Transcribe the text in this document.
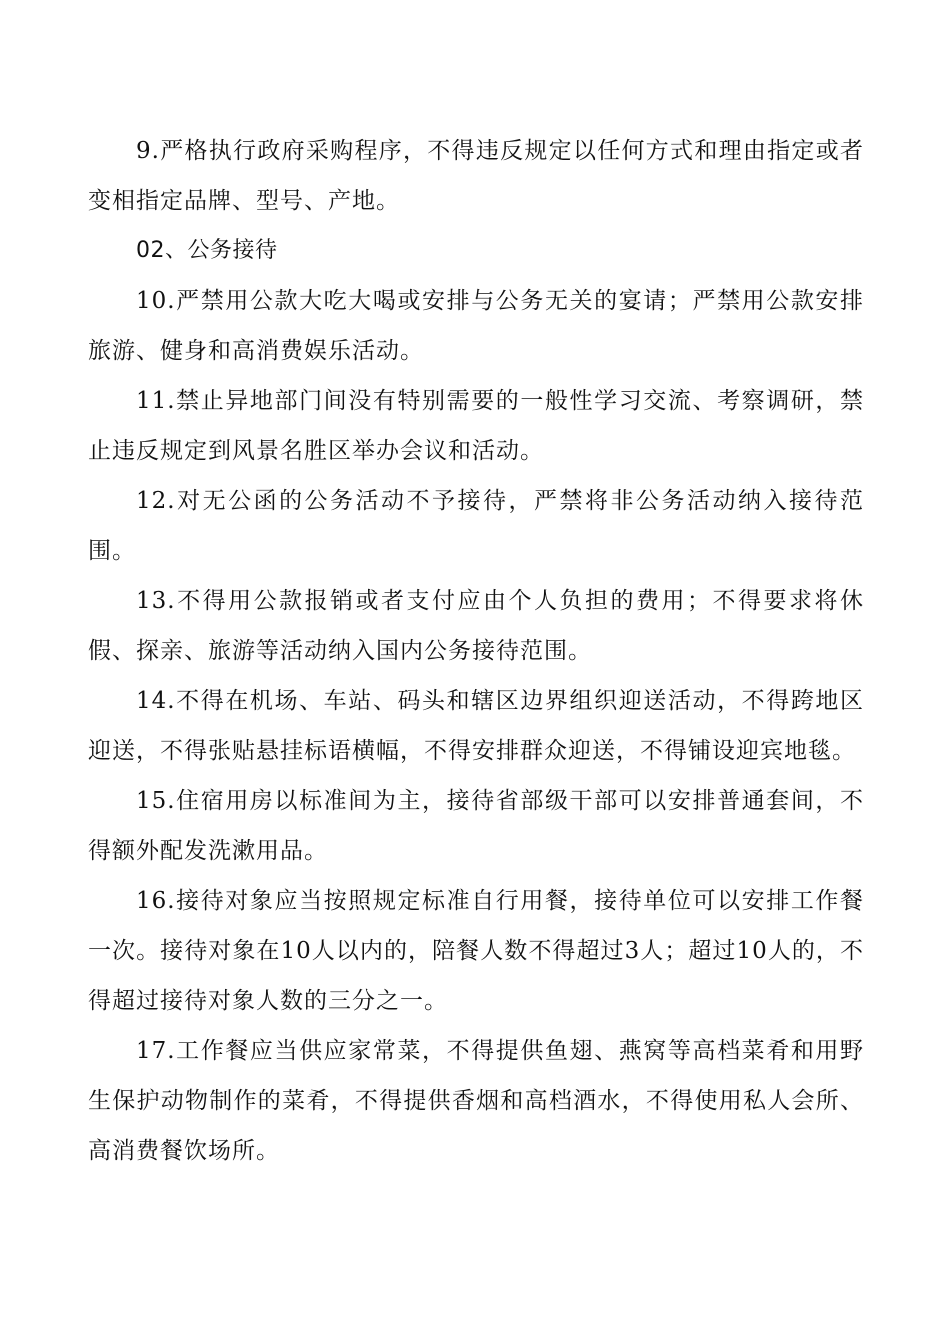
9.严格执行政府采购程序，不得违反规定以任何方式和理由指定或者变相指定品牌、型号、产地。

02、公务接待

10.严禁用公款大吃大喝或安排与公务无关的宴请；严禁用公款安排旅游、健身和高消费娱乐活动。

11.禁止异地部门间没有特别需要的一般性学习交流、考察调研，禁止违反规定到风景名胜区举办会议和活动。

12.对无公函的公务活动不予接待，严禁将非公务活动纳入接待范围。

13.不得用公款报销或者支付应由个人负担的费用；不得要求将休假、探亲、旅游等活动纳入国内公务接待范围。

14.不得在机场、车站、码头和辖区边界组织迎送活动，不得跨地区迎送，不得张贴悬挂标语横幅，不得安排群众迎送，不得铺设迎宾地毯。

15.住宿用房以标准间为主，接待省部级干部可以安排普通套间，不得额外配发洗漱用品。

16.接待对象应当按照规定标准自行用餐，接待单位可以安排工作餐一次。接待对象在10人以内的，陪餐人数不得超过3人；超过10人的，不得超过接待对象人数的三分之一。

17.工作餐应当供应家常菜，不得提供鱼翅、燕窝等高档菜肴和用野生保护动物制作的菜肴，不得提供香烟和高档酒水，不得使用私人会所、高消费餐饮场所。
